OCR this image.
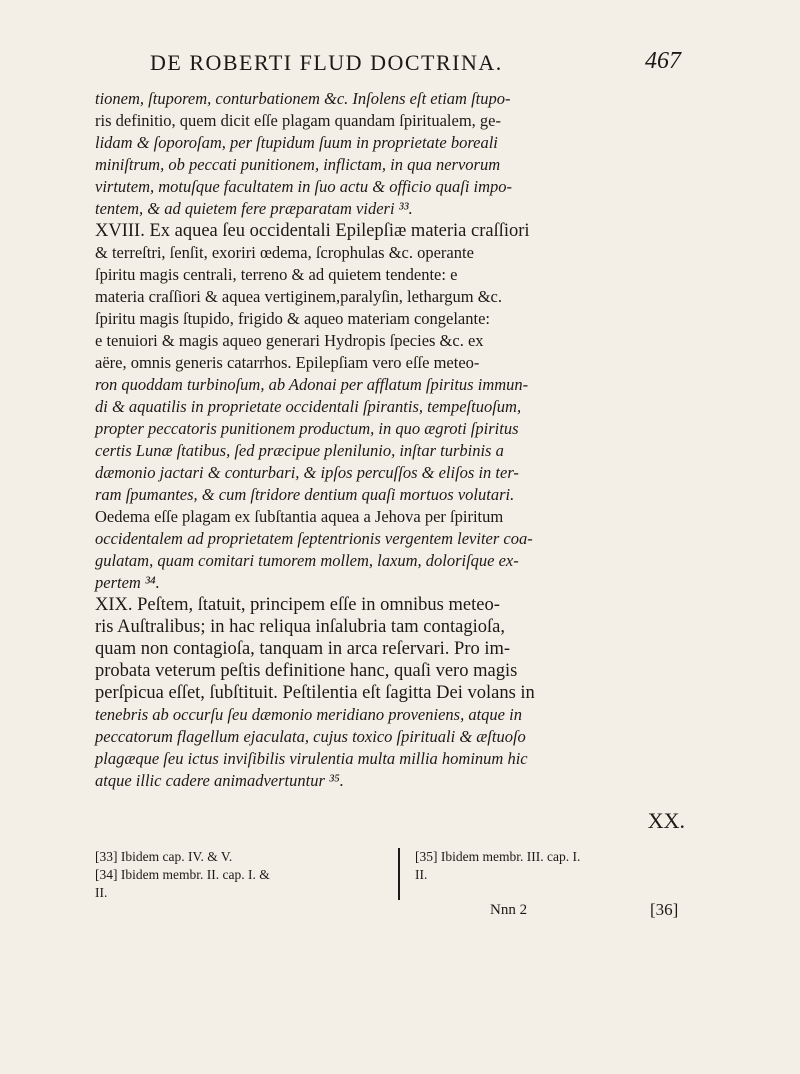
DE ROBERTI FLUD DOCTRINA.	467
tionem, ſtuporem, conturbationem &c. Inſolens eſt etiam ſtupo-
ris definitio, quem dicit eſſe plagam quandam ſpiritualem, ge-
lidam & ſoporoſam, per ſtupidum ſuum in proprietate boreali
miniſtrum, ob peccati punitionem, inflictam, in qua nervorum
virtutem, motuſque facultatem in ſuo actu & officio quaſi impo-
tentem, & ad quietem fere præparatam videri ³³.
XVIII. Ex aquea ſeu occidentali Epilepſiæ materia craſſiori
& terreſtri, ſenſit, exoriri œdema, ſcrophulas &c. operante
ſpiritu magis centrali, terreno & ad quietem tendente: e
materia craſſiori & aquea vertiginem,paralyſin, lethargum &c.
ſpiritu magis ſtupido, frigido & aqueo materiam congelante:
e tenuiori & magis aqueo generari Hydropis ſpecies &c. ex
aëre, omnis generis catarrhos. Epilepſiam vero eſſe meteo-
ron quoddam turbinoſum, ab Adonai per afflatum ſpiritus immun-
di & aquatilis in proprietate occidentali ſpirantis, tempeſtuoſum,
propter peccatoris punitionem productum, in quo ægroti ſpiritus
certis Lunæ ſtatibus, ſed præcipue plenilunio, inſtar turbinis a
dæmonio jactari & conturbari, & ipſos percuſſos & eliſos in ter-
ram ſpumantes, & cum ſtridore dentium quaſi mortuos volutari.
Oedema eſſe plagam ex ſubſtantia aquea a Jehova per ſpiritum
occidentalem ad proprietatem ſeptentrionis vergentem leviter coa-
gulatam, quam comitari tumorem mollem, laxum, doloriſque ex-
pertem ³⁴.
XIX. Peſtem, ſtatuit, principem eſſe in omnibus meteo-
ris Auſtralibus; in hac reliqua inſalubria tam contagioſa,
quam non contagioſa, tanquam in arca reſervari. Pro im-
probata veterum peſtis definitione hanc, quaſi vero magis
perſpicua eſſet, ſubſtituit. Peſtilentia eſt ſagitta Dei volans in
tenebris ab occurſu ſeu dæmonio meridiano proveniens, atque in
peccatorum flagellum ejaculata, cujus toxico ſpirituali & æſtuoſo
plagæque ſeu ictus inviſibilis virulentia multa millia hominum hic
atque illic cadere animadvertuntur ³⁵.
XX.
[33] Ibidem cap. IV. & V.
[34] Ibidem membr. II. cap. I. &
II.
[35] Ibidem membr. III. cap. I.
II.
Nnn 2	[36]
